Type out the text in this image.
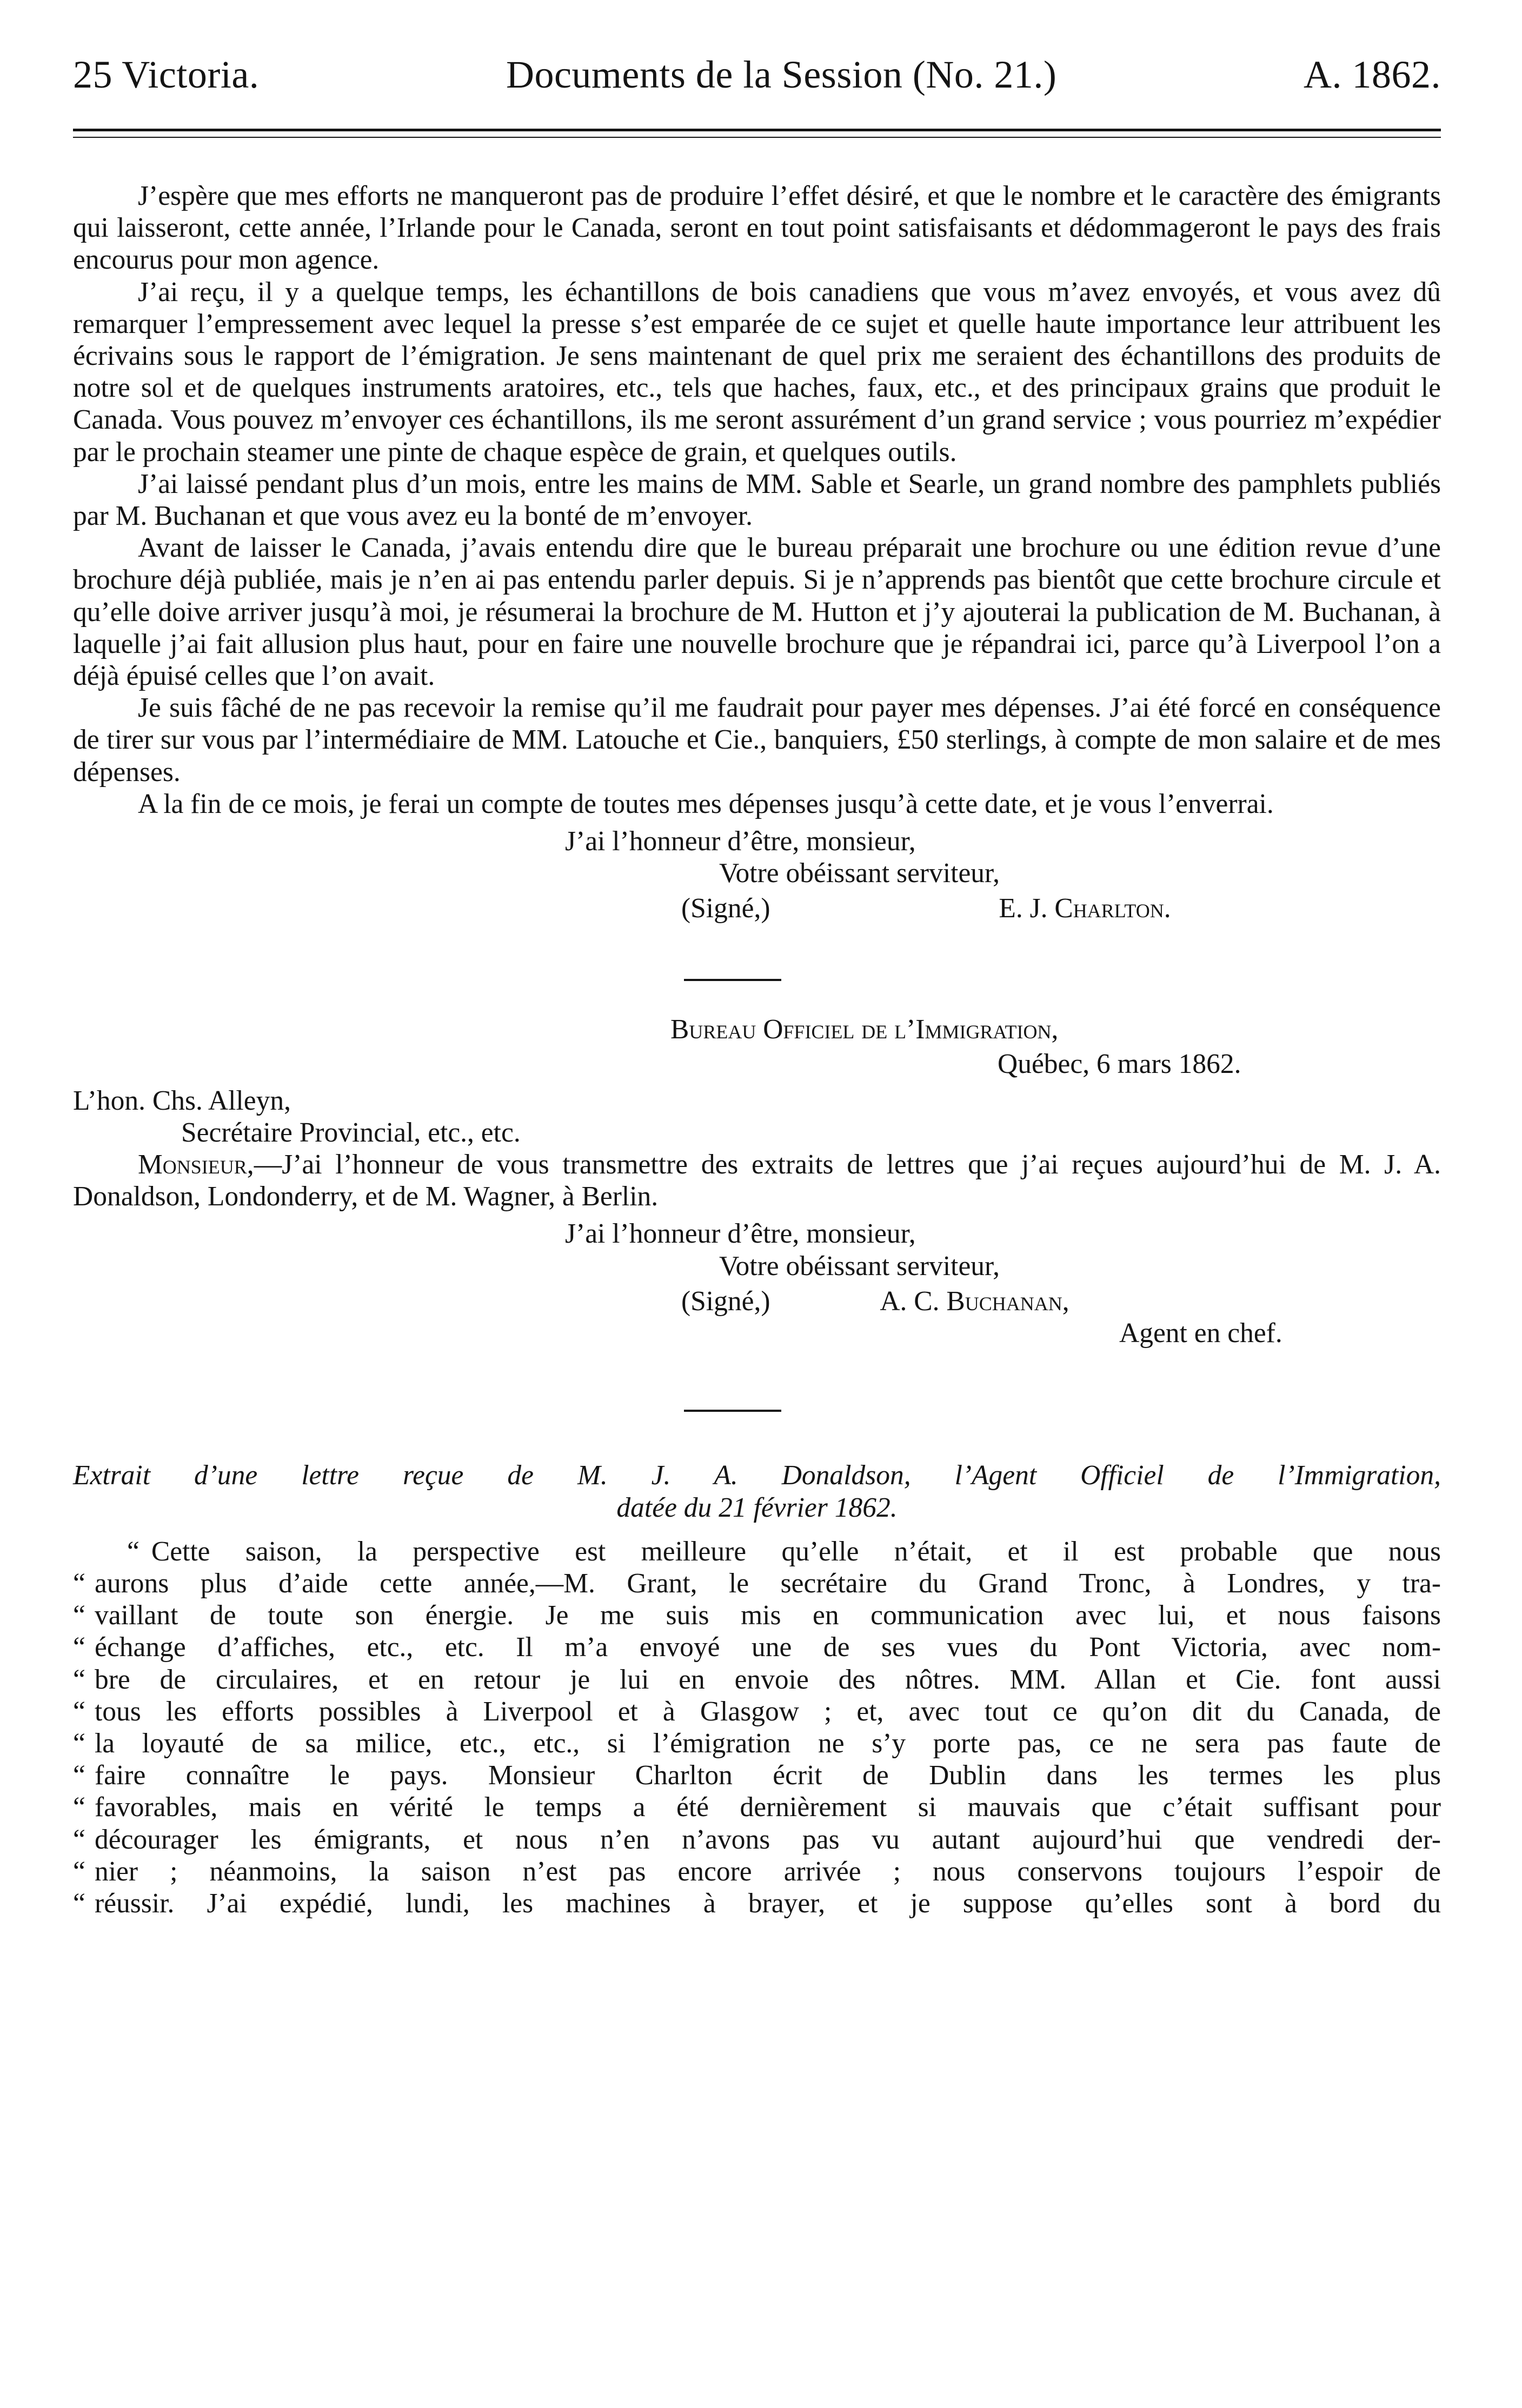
25 Victoria.	Documents de la Session (No. 21.)	A. 1862.

J’espère que mes efforts ne manqueront pas de produire l’effet désiré, et que le nombre et le caractère des émigrants qui laisseront, cette année, l’Irlande pour le Canada, seront en tout point satisfaisants et dédommageront le pays des frais encourus pour mon agence.

J’ai reçu, il y a quelque temps, les échantillons de bois canadiens que vous m’avez envoyés, et vous avez dû remarquer l’empressement avec lequel la presse s’est emparée de ce sujet et quelle haute importance leur attribuent les écrivains sous le rapport de l’émigration. Je sens maintenant de quel prix me seraient des échantillons des produits de notre sol et de quelques instruments aratoires, etc., tels que haches, faux, etc., et des principaux grains que produit le Canada. Vous pouvez m’envoyer ces échantillons, ils me seront assurément d’un grand service ; vous pourriez m’expédier par le prochain steamer une pinte de chaque espèce de grain, et quelques outils.

J’ai laissé pendant plus d’un mois, entre les mains de MM. Sable et Searle, un grand nombre des pamphlets publiés par M. Buchanan et que vous avez eu la bonté de m’envoyer.

Avant de laisser le Canada, j’avais entendu dire que le bureau préparait une brochure ou une édition revue d’une brochure déjà publiée, mais je n’en ai pas entendu parler depuis. Si je n’apprends pas bientôt que cette brochure circule et qu’elle doive arriver jusqu’à moi, je résumerai la brochure de M. Hutton et j’y ajouterai la publication de M. Buchanan, à laquelle j’ai fait allusion plus haut, pour en faire une nouvelle brochure que je répandrai ici, parce qu’à Liverpool l’on a déjà épuisé celles que l’on avait.

Je suis fâché de ne pas recevoir la remise qu’il me faudrait pour payer mes dépenses. J’ai été forcé en conséquence de tirer sur vous par l’intermédiaire de MM. Latouche et Cie., banquiers, £50 sterlings, à compte de mon salaire et de mes dépenses.

A la fin de ce mois, je ferai un compte de toutes mes dépenses jusqu’à cette date, et je vous l’enverrai.

J’ai l’honneur d’être, monsieur,
Votre obéissant serviteur,
(Signé,)	E. J. Charlton.
Bureau Officiel de l’Immigration,
Québec, 6 mars 1862.
L’hon. Chs. Alleyn,
Secrétaire Provincial, etc., etc.

Monsieur,—J’ai l’honneur de vous transmettre des extraits de lettres que j’ai reçues aujourd’hui de M. J. A. Donaldson, Londonderry, et de M. Wagner, à Berlin.

J’ai l’honneur d’être, monsieur,
Votre obéissant serviteur,
(Signé,)	A. C. Buchanan,
Agent en chef.
Extrait d’une lettre reçue de M. J. A. Donaldson, l’Agent Officiel de l’Immigration,
datée du 21 février 1862.
“ Cette saison, la perspective est meilleure qu’elle n’était, et il est probable que nous
“ aurons plus d’aide cette année,—M. Grant, le secrétaire du Grand Tronc, à Londres, y tra-
“ vaillant de toute son énergie. Je me suis mis en communication avec lui, et nous faisons
“ échange d’affiches, etc., etc. Il m’a envoyé une de ses vues du Pont Victoria, avec nom-
“ bre de circulaires, et en retour je lui en envoie des nôtres. MM. Allan et Cie. font aussi
“ tous les efforts possibles à Liverpool et à Glasgow ; et, avec tout ce qu’on dit du Canada, de
“ la loyauté de sa milice, etc., etc., si l’émigration ne s’y porte pas, ce ne sera pas faute de
“ faire connaître le pays. Monsieur Charlton écrit de Dublin dans les termes les plus
“ favorables, mais en vérité le temps a été dernièrement si mauvais que c’était suffisant pour
“ décourager les émigrants, et nous n’en n’avons pas vu autant aujourd’hui que vendredi der-
“ nier ; néanmoins, la saison n’est pas encore arrivée ; nous conservons toujours l’espoir de
“ réussir. J’ai expédié, lundi, les machines à brayer, et je suppose qu’elles sont à bord du
